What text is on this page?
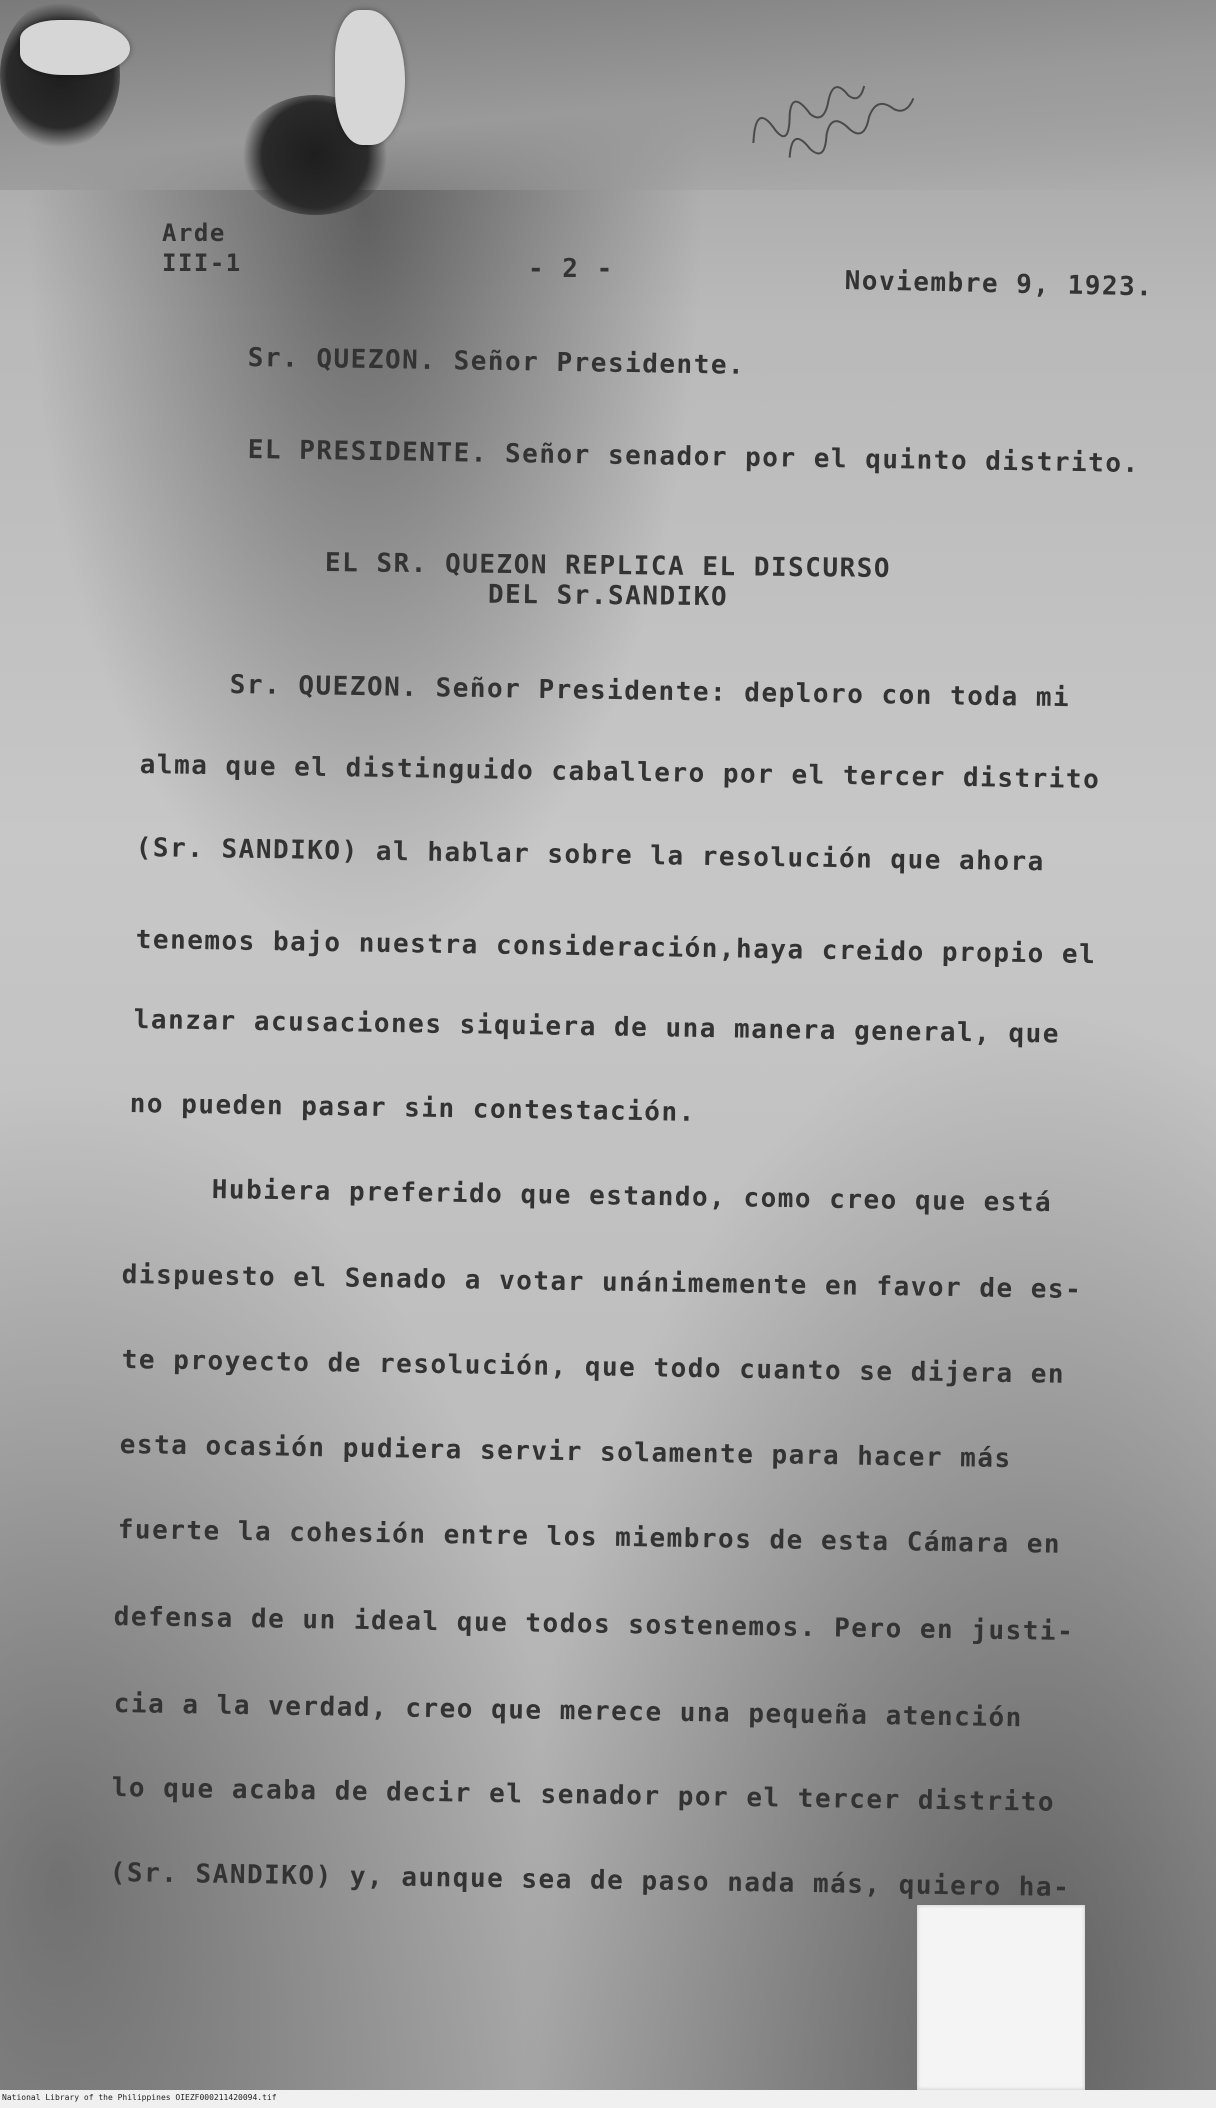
Arde
III-1	- 2 -	Noviembre 9, 1923.

Sr. QUEZON. Señor Presidente.

EL PRESIDENTE. Señor senador por el quinto distrito.

EL SR. QUEZON REPLICA EL DISCURSO

DEL Sr.SANDIKO

Sr. QUEZON. Señor Presidente: deploro con toda mi

alma que el distinguido caballero por el tercer distrito

(Sr. SANDIKO) al hablar sobre la resolución que ahora

tenemos bajo nuestra consideración,haya creido propio el

lanzar acusaciones siquiera de una manera general, que

no pueden pasar sin contestación.

Hubiera preferido que estando, como creo que está

dispuesto el Senado a votar unánimemente en favor de es-

te proyecto de resolución, que todo cuanto se dijera en

esta ocasión pudiera servir solamente para hacer más

fuerte la cohesión entre los miembros de esta Cámara en

defensa de un ideal que todos sostenemos. Pero en justi-

cia a la verdad, creo que merece una pequeña atención

lo que acaba de decir el senador por el tercer distrito

(Sr. SANDIKO) y, aunque sea de paso nada más, quiero ha-

National Library of the Philippines OIEZF000211420094.tif
